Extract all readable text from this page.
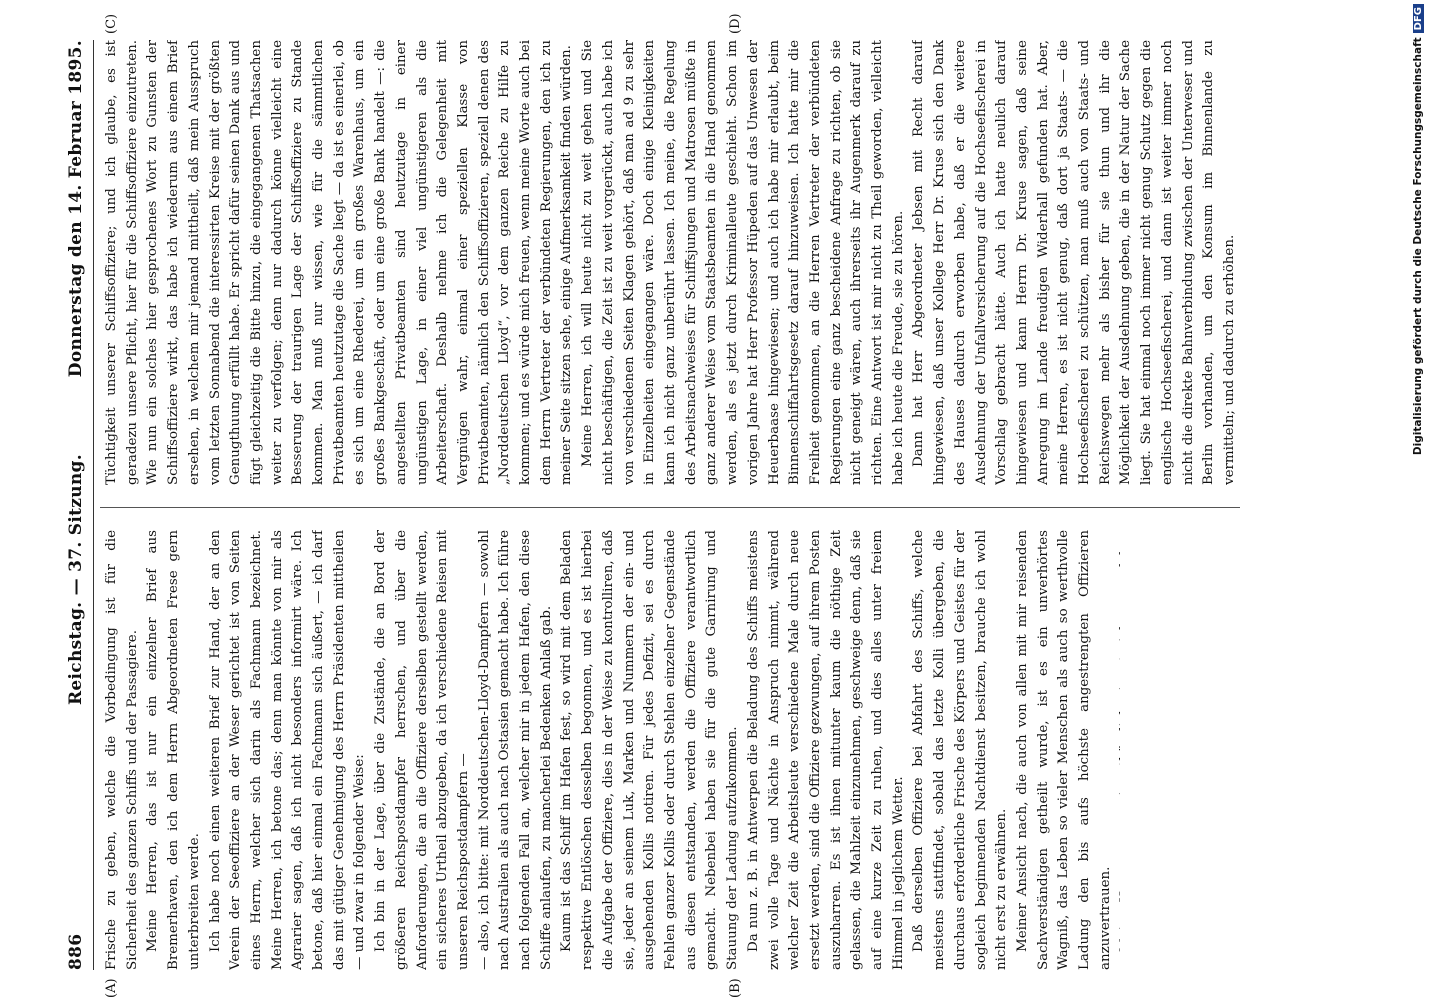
886
Reichstag. — 37. Sitzung.
Donnerstag den 14. Februar 1895.
(A)	(B)
(C)	(D)

Frische zu geben, welche die Vorbedingung ist für die Sicherheit des ganzen Schiffs und der Passagiere. Meine Herren, das ist nur ein einzelner Brief aus Bremerhaven, den ich dem Herrn Abgeordneten Frese gern unterbreiten werde. Ich habe noch einen weiteren Brief zur Hand, der an den Verein der Seeoffiziere an der Weser gerichtet ist von Seiten eines Herrn, welcher sich darin als Fachmann bezeichnet. Meine Herren, ich betone das; denn man könnte von mir als Agrarier sagen, daß ich nicht besonders informirt wäre. Ich betone, daß hier einmal ein Fachmann sich äußert, — ich darf das mit gütiger Genehmigung des Herrn Präsidenten mittheilen — und zwar in folgender Weise: Ich bin in der Lage, über die Zustände, die an Bord der größeren Reichspostdampfer herrschen, und über die Anforderungen, die an die Offiziere derselben gestellt werden, ein sicheres Urtheil abzugeben, da ich verschiedene Reisen mit unseren Reichspostdampfern — — also, ich bitte: mit Norddeutschen-Lloyd-Dampfern — sowohl nach Australien als auch nach Ostasien gemacht habe. Ich führe nach folgenden Fall an, welcher mir in jedem Hafen, den diese Schiffe anlaufen, zu mancherlei Bedenken Anlaß gab. Kaum ist das Schiff im Hafen fest, so wird mit dem Beladen respektive Entlöschen desselben begonnen, und es ist hierbei die Aufgabe der Offiziere, dies in der Weise zu kontrolliren, daß sie, jeder an seinem Luk, Marken und Nummern der ein- und ausgehenden Kollis notiren. Für jedes Defizit, sei es durch Fehlen ganzer Kollis oder durch Stehlen einzelner Gegenstände aus diesen entstanden, werden die Offiziere verantwortlich gemacht. Nebenbei haben sie für die gute Garnirung und Stauung der Ladung aufzukommen. Da nun z. B. in Antwerpen die Beladung des Schiffs meistens zwei volle Tage und Nächte in Anspruch nimmt, während welcher Zeit die Arbeitsleute verschiedene Male durch neue ersetzt werden, sind die Offiziere gezwungen, auf ihrem Posten auszuharren. Es ist ihnen mitunter kaum die nöthige Zeit gelassen, die Mahlzeit einzunehmen, geschweige denn, daß sie auf eine kurze Zeit zu ruhen, und dies alles unter freiem Himmel in jeglichem Wetter. Daß derselben Offiziere bei Abfahrt des Schiffs, welche meistens stattfindet, sobald das letzte Kolli übergeben, die durchaus erforderliche Frische des Körpers und Geistes für der sogleich beginnenden Nachtdienst besitzen, brauche ich wohl nicht erst zu erwähnen. Meiner Ansicht nach, die auch von allen mit mir reisenden Sachverständigen getheilt wurde, ist es ein unverhörtes Wagniß, das Leben so vieler Menschen als auch so werthvolle Ladung den bis aufs höchste angestrengten Offizieren anzuvertrauen.

Tüchtigkeit unserer Schiffsoffiziere; und ich glaube, es ist geradezu unsere Pflicht, hier für die Schiffsoffiziere einzutreten. Wie nun ein solches hier gesprochenes Wort zu Gunsten der Schiffsoffiziere wirkt, das habe ich wiederum aus einem Brief ersehen, in welchem mir jemand mittheilt, daß mein Ausspruch vom letzten Sonnabend die interessirten Kreise mit der größten Genugthuung erfüllt habe. Er spricht dafür seinen Dank aus und fügt gleichzeitig die Bitte hinzu, die eingegangenen Thatsachen weiter zu verfolgen; denn nur dadurch könne vielleicht eine Besserung der traurigen Lage der Schiffsoffiziere zu Stande kommen. Man muß nur wissen, wie für die sämmtlichen Privatbeamten heutzutage die Sache liegt — da ist es einerlei, ob es sich um eine Rhederei, um ein großes Warenhaus, um ein großes Bankgeschäft, oder um eine große Bank handelt —: die angestellten Privatbeamten sind heutzutage in einer ungünstigen Lage, in einer viel ungünstigeren als die Arbeiterschaft. Deshalb nehme ich die Gelegenheit mit Vergnügen wahr, einmal einer speziellen Klasse von Privatbeamten, nämlich den Schiffsoffizieren, speziell denen des „Norddeutschen Lloyd“, vor dem ganzen Reiche zu Hilfe zu kommen; und es würde mich freuen, wenn meine Worte auch bei dem Herrn Vertreter der verbündeten Regierungen, den ich zu meiner Seite sitzen sehe, einige Aufmerksamkeit finden würden. Meine Herren, ich will heute nicht zu weit gehen und Sie nicht beschäftigen, die Zeit ist zu weit vorgerückt, auch habe ich von verschiedenen Seiten Klagen gehört, daß man ad 9 zu sehr in Einzelheiten eingegangen wäre. Doch einige Kleinigkeiten kann ich nicht ganz unberührt lassen. Ich meine, die Regelung des Arbeitsnachweises für Schiffsjungen und Matrosen müßte in ganz anderer Weise vom Staatsbeamten in die Hand genommen werden, als es jetzt durch Kriminalleute geschieht. Schon im vorigen Jahre hat Herr Professor Hüpeden auf das Unwesen der Heuerbaase hingewiesen; und auch ich habe mir erlaubt, beim Binnenschiffahrtsgesetz darauf hinzuweisen. Ich hatte mir die Freiheit genommen, an die Herren Vertreter der verbündeten Regierungen eine ganz bescheidene Anfrage zu richten, ob sie nicht geneigt wären, auch ihrerseits ihr Augenmerk darauf zu richten. Eine Antwort ist mir nicht zu Theil geworden, vielleicht habe ich heute die Freude, sie zu hören. Dann hat Herr Abgeordneter Jebsen mit Recht darauf hingewiesen, daß unser Kollege Herr Dr. Kruse sich den Dank des Hauses dadurch erworben habe, daß er die weitere Ausdehnung der Unfallversicherung auf die Hochseefischerei in Vorschlag gebracht hätte. Auch ich hatte neulich darauf hingewiesen und kann Herrn Dr. Kruse sagen, daß seine Anregung im Lande freudigen Widerhall gefunden hat. Aber, meine Herren, es ist nicht genug, daß dort ja Staats- — die Hochseefischerei zu schützen, man muß auch von Staats- und Reichswegen mehr als bisher für sie thun und ihr die Möglichkeit der Ausdehnung geben, die in der Natur der Sache liegt. Sie hat einmal noch immer nicht genug Schutz gegen die englische Hochseefischerei, und dann ist weiter immer noch nicht die direkte Bahnverbindung zwischen der Unterweser und Berlin vorhanden, um den Konsum im Binnenlande zu vermitteln; und dadurch zu erhöhen.	Digitalisierung gefördert durch die Deutsche ForschungsgemeinschaftDFG
